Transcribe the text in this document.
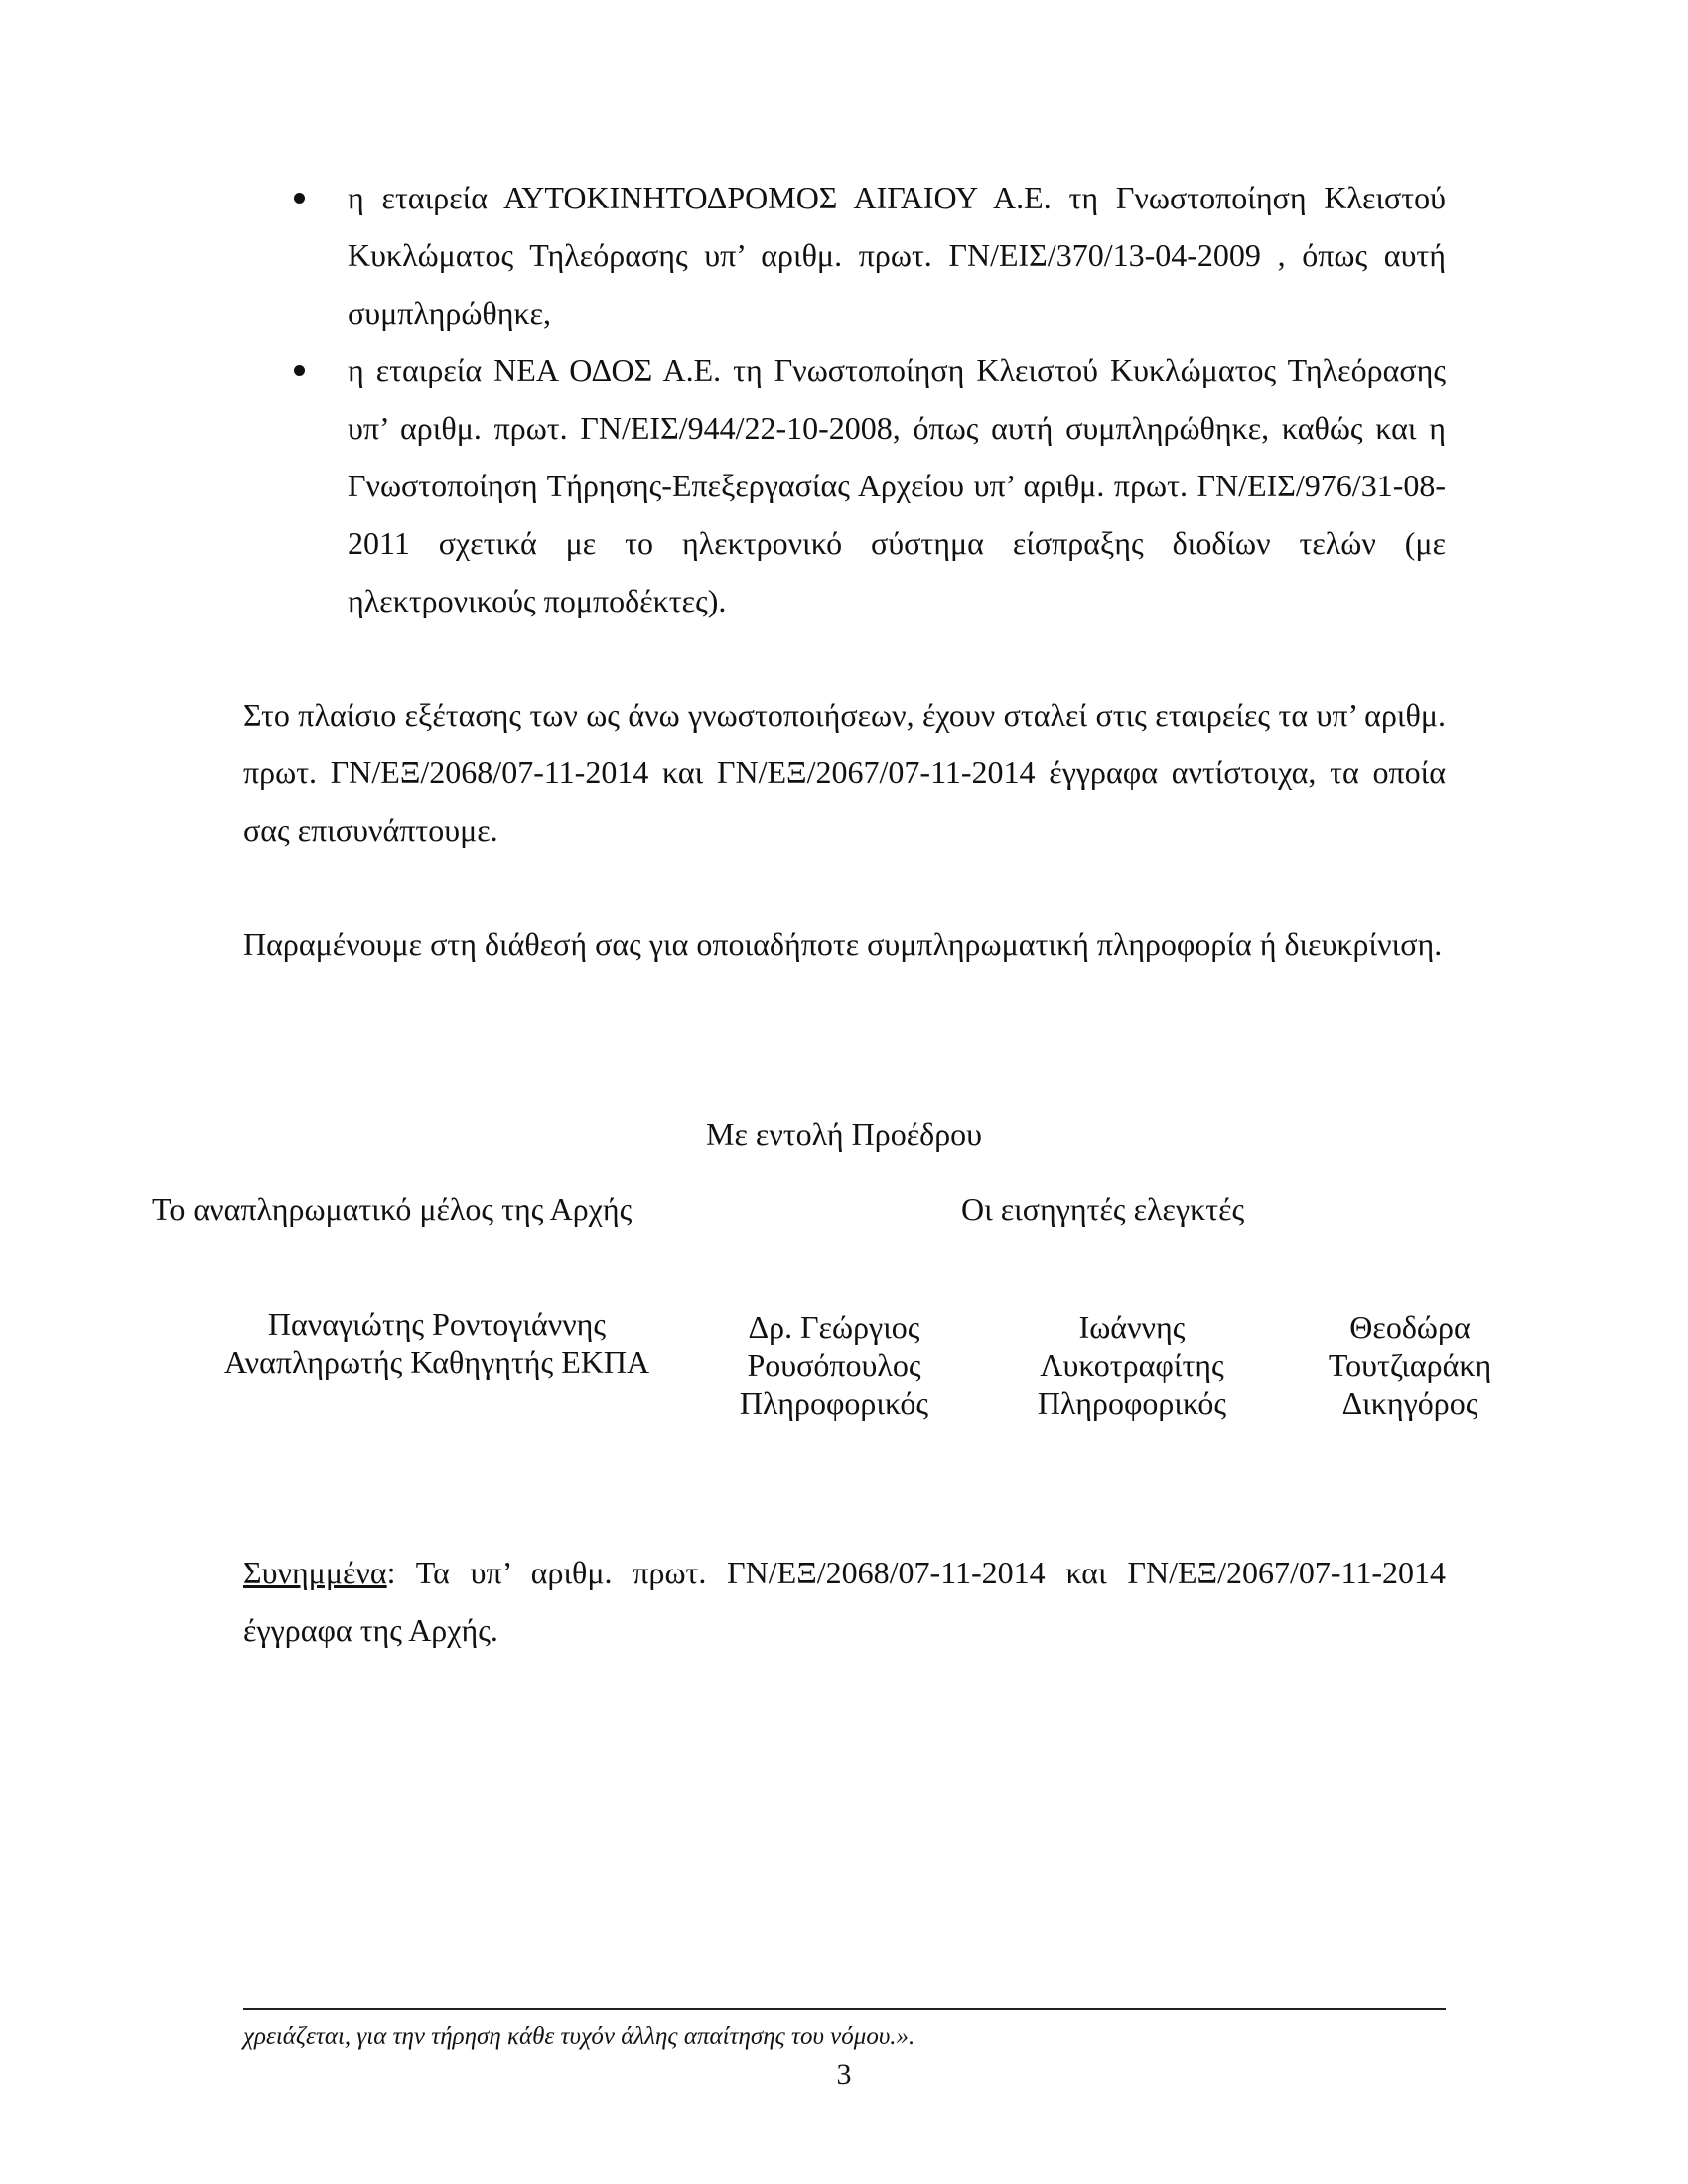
η εταιρεία ΑΥΤΟΚΙΝΗΤΟΔΡΟΜΟΣ ΑΙΓΑΙΟΥ Α.Ε. τη Γνωστοποίηση Κλειστού Κυκλώματος Τηλεόρασης υπ’ αριθμ. πρωτ. ΓΝ/ΕΙΣ/370/13-04-2009 , όπως αυτή συμπληρώθηκε,
η εταιρεία ΝΕΑ ΟΔΟΣ Α.Ε. τη Γνωστοποίηση Κλειστού Κυκλώματος Τηλεόρασης υπ’ αριθμ. πρωτ. ΓΝ/ΕΙΣ/944/22-10-2008, όπως αυτή συμπληρώθηκε, καθώς και η Γνωστοποίηση Τήρησης-Επεξεργασίας Αρχείου υπ’ αριθμ. πρωτ. ΓΝ/ΕΙΣ/976/31-08-2011 σχετικά με το ηλεκτρονικό σύστημα είσπραξης διοδίων τελών (με ηλεκτρονικούς πομποδέκτες).

Στο πλαίσιο εξέτασης των ως άνω γνωστοποιήσεων, έχουν σταλεί στις εταιρείες τα υπ’ αριθμ. πρωτ. ΓΝ/ΕΞ/2068/07-11-2014 και ΓΝ/ΕΞ/2067/07-11-2014 έγγραφα αντίστοιχα, τα οποία σας επισυνάπτουμε.

Παραμένουμε στη διάθεσή σας για οποιαδήποτε συμπληρωματική πληροφορία ή διευκρίνιση.

Με εντολή Προέδρου
Το αναπληρωματικό μέλος της Αρχής	Οι εισηγητές ελεγκτές
Παναγιώτης Ροντογιάννης
Αναπληρωτής Καθηγητής ΕΚΠΑ
Δρ. Γεώργιος
Ρουσόπουλος
Πληροφορικός
Ιωάννης
Λυκοτραφίτης
Πληροφορικός
Θεοδώρα
Τουτζιαράκη
Δικηγόρος

Συνημμένα: Τα υπ’ αριθμ. πρωτ. ΓΝ/ΕΞ/2068/07-11-2014 και ΓΝ/ΕΞ/2067/07-11-2014 έγγραφα της Αρχής.

χρειάζεται, για την τήρηση κάθε τυχόν άλλης απαίτησης του νόμου.».
3
